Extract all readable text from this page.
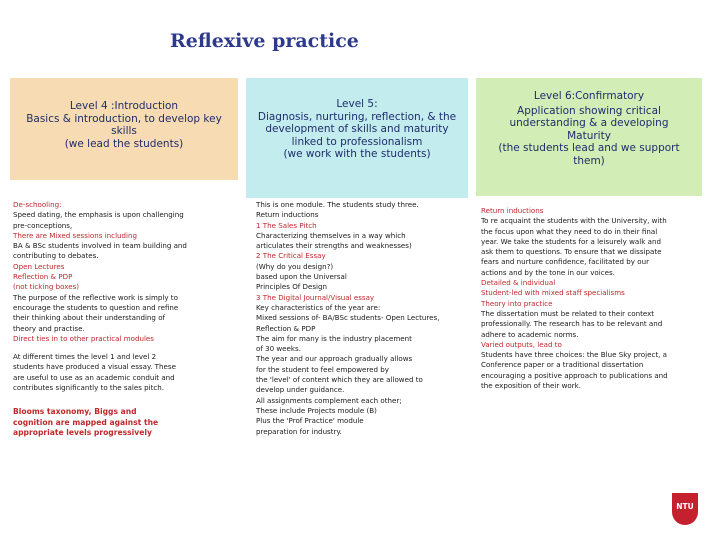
Reflexive practice
Level 4 :Introduction
Basics & introduction, to develop key
skills
(we lead the students)
Level 5:
Diagnosis, nurturing, reflection, & the
development of skills and maturity
linked to professionalism
(we work with the students)
Level 6:Confirmatory
Application showing critical
understanding & a developing
Maturity
(the students lead and we support
them)
De-schooling:
Speed dating, the emphasis is upon challenging
pre-conceptions,
There are Mixed sessions including
BA & BSc students involved in team building and
contributing to debates.
Open Lectures
Reflection & PDP
(not ticking boxes)
The purpose of the reflective work is simply to
encourage the students to question and refine
their thinking about their understanding of
theory and practise.
Direct ties in to other practical modules
At different times the level 1 and level 2
students have produced a visual essay. These
are useful to use as an academic conduit and
contributes significantly to the sales pitch.
Blooms taxonomy, Biggs and
cognition are mapped against the
appropriate levels progressively
This is one module. The students study three.
Return inductions
1 The Sales Pitch
Characterizing themselves in a way which
articulates their strengths and weaknesses)
2 The Critical Essay
(Why do you design?)
based upon the Universal
Principles Of Design
3 The Digital Journal/Visual essay
Key characteristics of the year are:
Mixed sessions of- BA/BSc students- Open Lectures,
Reflection & PDP
The aim for many is the industry placement
of 30 weeks.
The year and our approach gradually allows
for the student to feel empowered by
the 'level' of content which they are allowed to
develop under guidance.
All assignments complement each other;
These include Projects module (B)
Plus the 'Prof Practice' module
preparation for industry.
Return inductions
To re acquaint the students with the University, with
the focus upon what they need to do in their final
year. We take the students for a leisurely walk and
ask them to questions. To ensure that we dissipate
fears and nurture confidence, facilitated by our
actions and by the tone in our voices.
Detailed & individual
Student-led with mixed staff specialisms
Theory into practice
The dissertation must be related to their context
professionally. The research has to be relevant and
adhere to academic norms.
Varied outputs, lead to
Students have three choices: the Blue Sky project, a
Conference paper or a traditional dissertation
encouraging a positive approach to publications and
the exposition of their work.
NTU
